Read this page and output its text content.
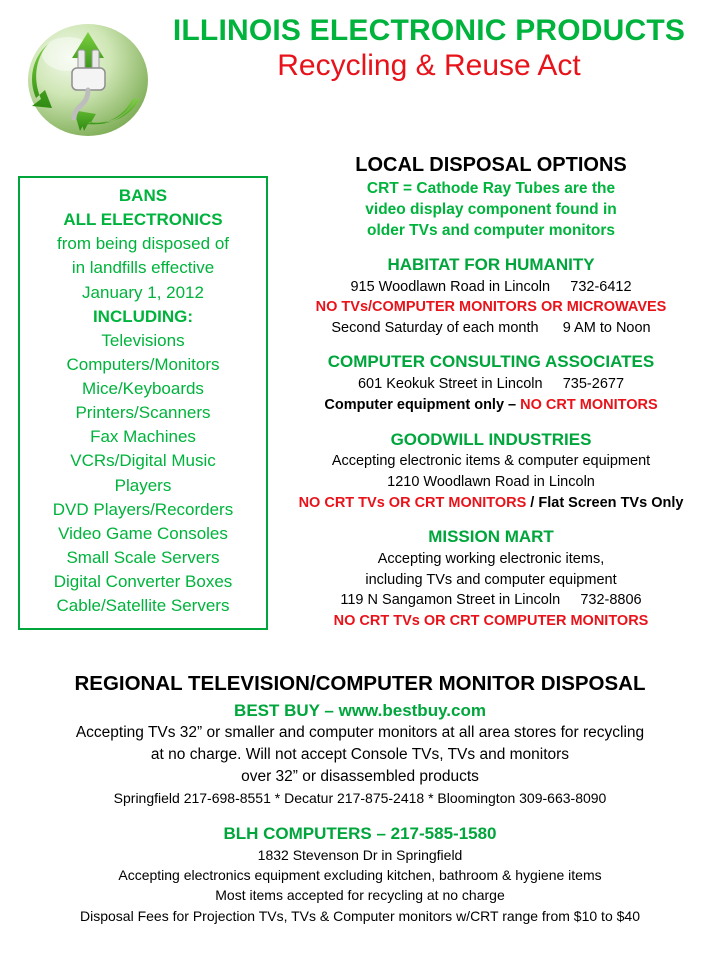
ILLINOIS ELECTRONIC PRODUCTS
Recycling & Reuse Act
BANS
ALL ELECTRONICS
from being disposed of
in landfills effective
January 1, 2012
INCLUDING:
Televisions
Computers/Monitors
Mice/Keyboards
Printers/Scanners
Fax Machines
VCRs/Digital Music
Players
DVD Players/Recorders
Video Game Consoles
Small Scale Servers
Digital Converter Boxes
Cable/Satellite Servers
LOCAL DISPOSAL OPTIONS
CRT = Cathode Ray Tubes are the
video display component found in
older TVs and computer monitors
HABITAT FOR HUMANITY
915 Woodlawn Road in Lincoln 732-6412
NO TVs/COMPUTER MONITORS OR MICROWAVES
Second Saturday of each month 9 AM to Noon
COMPUTER CONSULTING ASSOCIATES
601 Keokuk Street in Lincoln 735-2677
Computer equipment only – NO CRT MONITORS
GOODWILL INDUSTRIES
Accepting electronic items & computer equipment
1210 Woodlawn Road in Lincoln
NO CRT TVs OR CRT MONITORS / Flat Screen TVs Only
MISSION MART
Accepting working electronic items,
including TVs and computer equipment
119 N Sangamon Street in Lincoln 732-8806
NO CRT TVs OR CRT COMPUTER MONITORS
REGIONAL TELEVISION/COMPUTER MONITOR DISPOSAL
BEST BUY – www.bestbuy.com
Accepting TVs 32” or smaller and computer monitors at all area stores for recycling
at no charge. Will not accept Console TVs, TVs and monitors
over 32” or disassembled products
Springfield 217-698-8551 * Decatur 217-875-2418 * Bloomington 309-663-8090
BLH COMPUTERS – 217-585-1580
1832 Stevenson Dr in Springfield
Accepting electronics equipment excluding kitchen, bathroom & hygiene items
Most items accepted for recycling at no charge
Disposal Fees for Projection TVs, TVs & Computer monitors w/CRT range from $10 to $40
